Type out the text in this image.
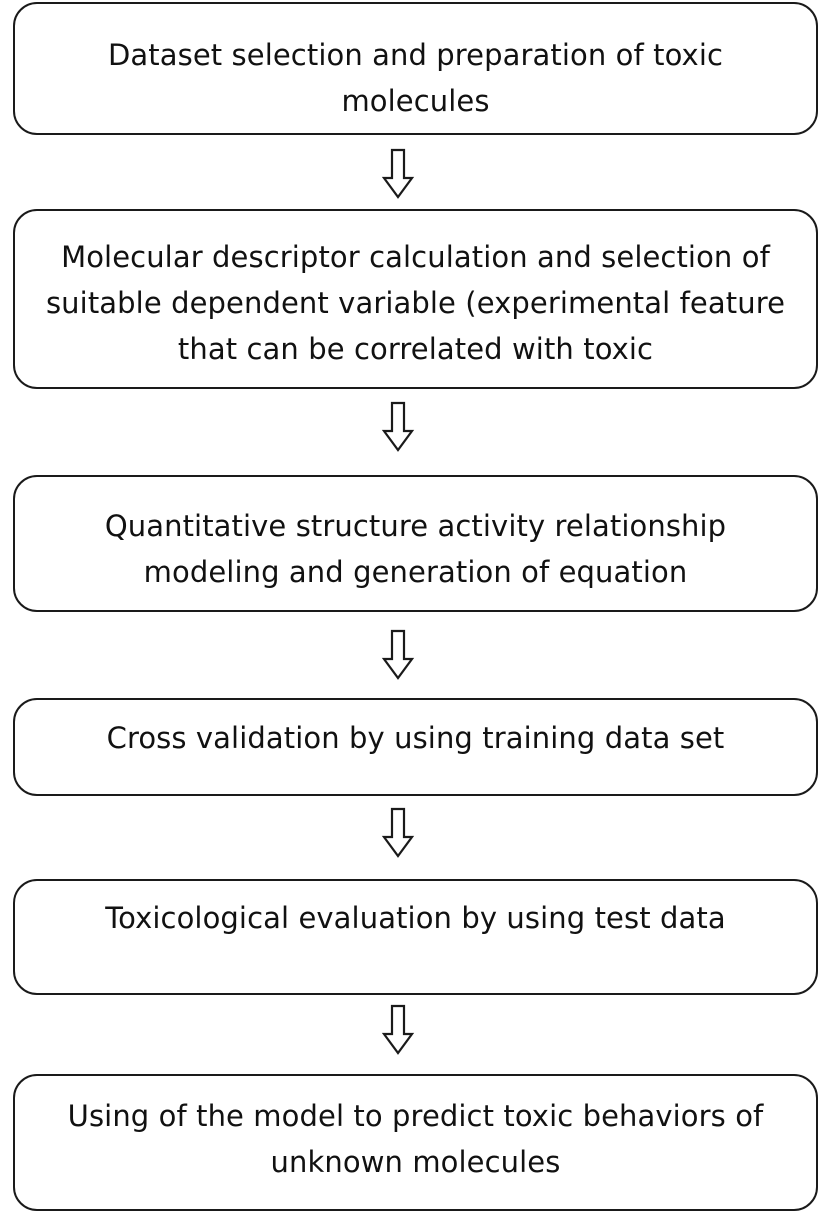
Dataset selection and preparation of toxic molecules
Molecular descriptor calculation and selection of suitable dependent variable (experimental feature that can be correlated with toxic
Quantitative structure activity relationship modeling and generation of equation
Cross validation by using training data set
Toxicological evaluation by using test data
Using of the model to predict toxic behaviors of unknown molecules
